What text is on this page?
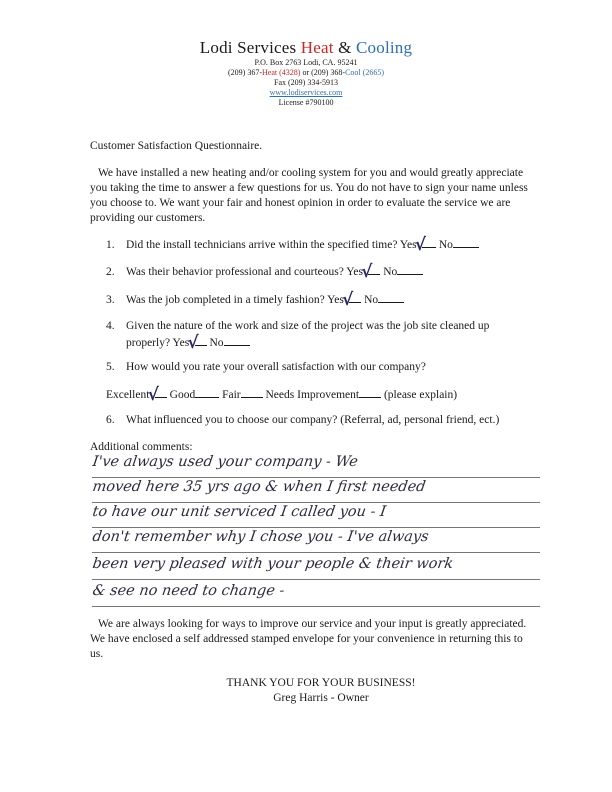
Lodi Services Heat & Cooling
P.O. Box 2763 Lodi, CA. 95241
(209) 367-Heat (4328) or (209) 368-Cool (2665)
Fax (209) 334-5913
www.lodiservices.com
License #790100
Customer Satisfaction Questionnaire.
We have installed a new heating and/or cooling system for you and would greatly appreciate you taking the time to answer a few questions for us. You do not have to sign your name unless you choose to. We want your fair and honest opinion in order to evaluate the service we are providing our customers.
1. Did the install technicians arrive within the specified time? Yes√ No
2. Was their behavior professional and courteous? Yes√ No
3. Was the job completed in a timely fashion? Yes√ No
4. Given the nature of the work and size of the project was the job site cleaned up
properly? Yes√ No
5. How would you rate your overall satisfaction with our company?
Excellent√ Good Fair Needs Improvement (please explain)
6. What influenced you to choose our company? (Referral, ad, personal friend, ect.)
Additional comments:
I've always used your company - We
moved here 35 yrs ago & when I first needed
to have our unit serviced I called you - I
don't remember why I chose you - I've always
been very pleased with your people & their work
& see no need to change -
We are always looking for ways to improve our service and your input is greatly appreciated. We have enclosed a self addressed stamped envelope for your convenience in returning this to us.
THANK YOU FOR YOUR BUSINESS!
Greg Harris - Owner
